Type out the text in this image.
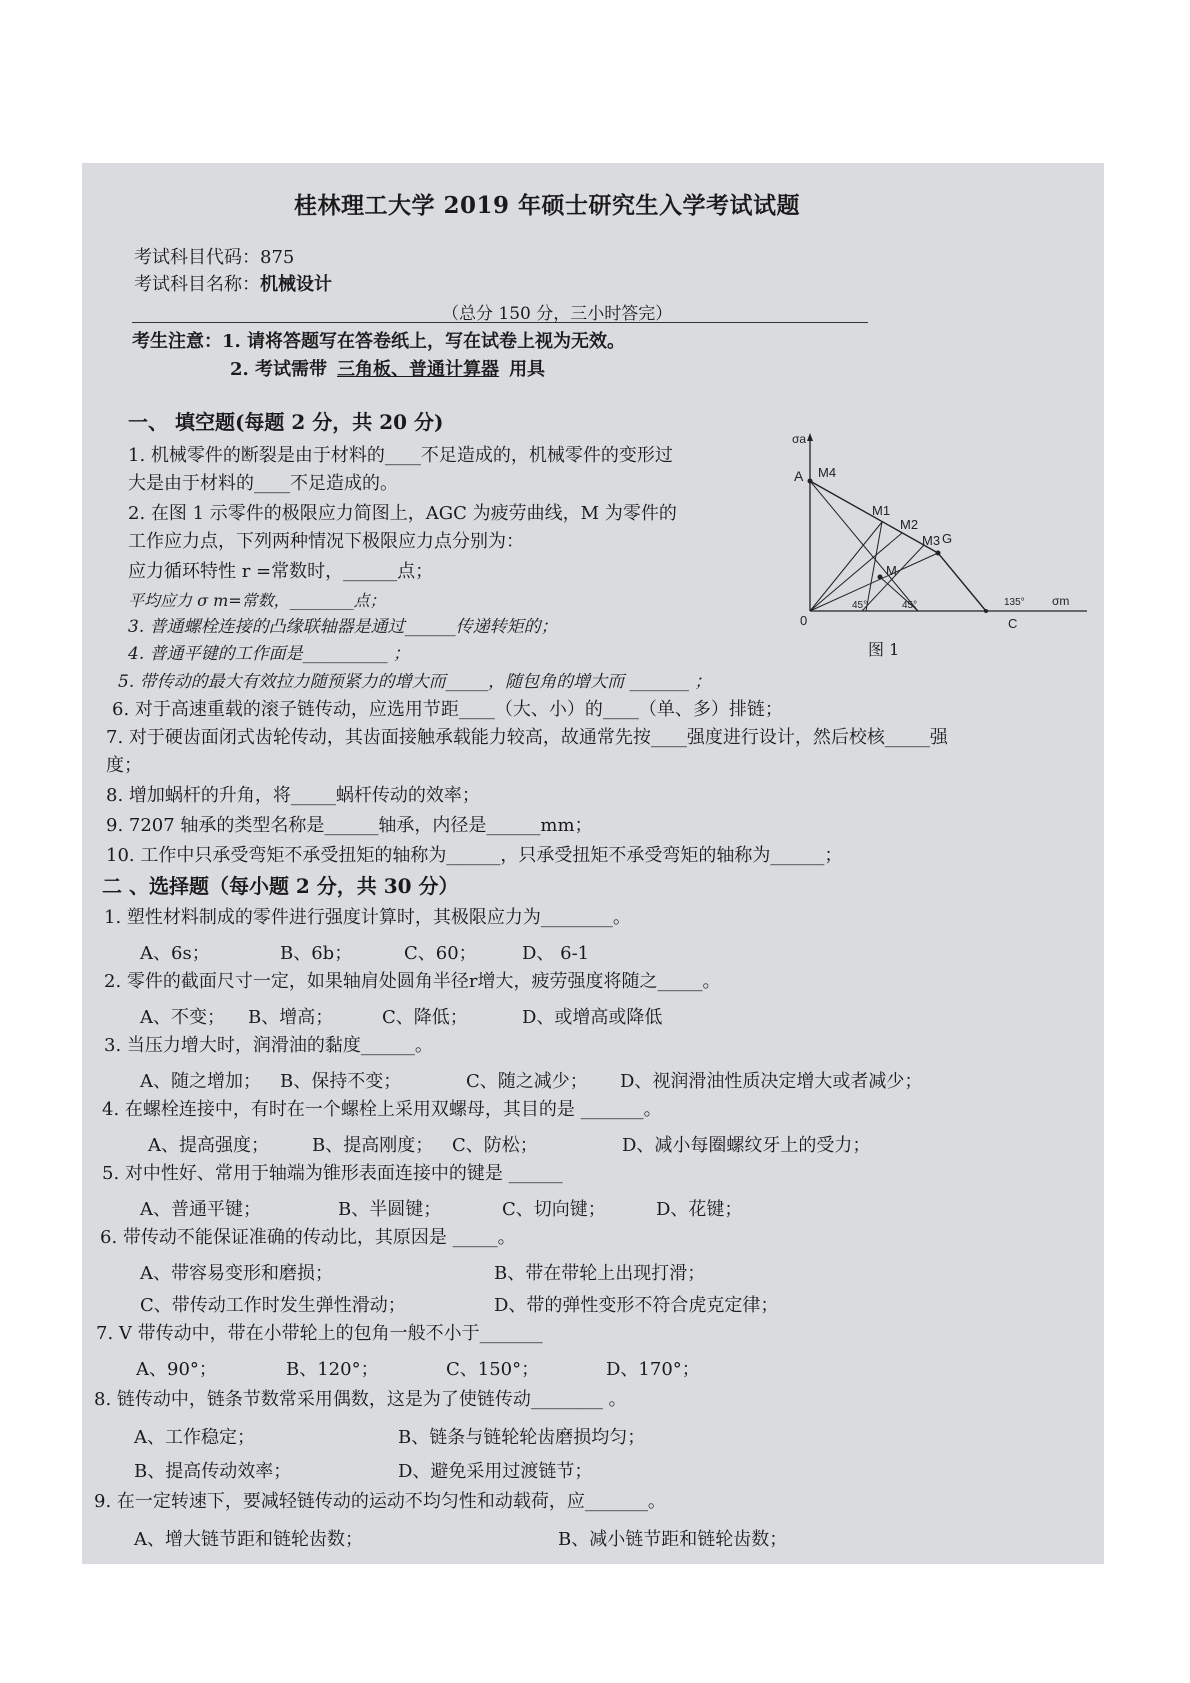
桂林理工大学 2019 年硕士研究生入学考试试题
考试科目代码：875
考试科目名称：机械设计
（总分 150 分，三小时答完）
考生注意：1. 请将答题写在答卷纸上，写在试卷上视为无效。
2. 考试需带 三角板、普通计算器 用具
一、 填空题(每题 2 分，共 20 分)
1. 机械零件的断裂是由于材料的____不足造成的，机械零件的变形过
大是由于材料的____不足造成的。
2. 在图 1 示零件的极限应力简图上，AGC 为疲劳曲线，M 为零件的
工作应力点，下列两种情况下极限应力点分别为：
应力循环特性 r =常数时，______点；
平均应力 σ m=常数，________点；
3. 普通螺栓连接的凸缘联轴器是通过______传递转矩的；
4. 普通平键的工作面是__________ ；
5. 带传动的最大有效拉力随预紧力的增大而_____，随包角的增大而 _______ ；
6. 对于高速重载的滚子链传动，应选用节距____（大、小）的____（单、多）排链；
7. 对于硬齿面闭式齿轮传动，其齿面接触承载能力较高，故通常先按____强度进行设计，然后校核_____强
度；
8. 增加蜗杆的升角，将_____蜗杆传动的效率；
9. 7207 轴承的类型名称是______轴承，内径是______mm；
10. 工作中只承受弯矩不承受扭矩的轴称为______，只承受扭矩不承受弯矩的轴称为______；
二 、选择题（每小题 2 分，共 30 分）
1. 塑性材料制成的零件进行强度计算时，其极限应力为________。
A、6s；	B、6b；	C、60；	D、 6-1
2. 零件的截面尺寸一定，如果轴肩处圆角半径r增大，疲劳强度将随之_____。
A、不变； B、增高；	C、降低；	D、或增高或降低
3. 当压力增大时，润滑油的黏度______。
A、随之增加； B、保持不变；	C、随之减少； D、视润滑油性质决定增大或者减少；
4. 在螺栓连接中，有时在一个螺栓上采用双螺母，其目的是 _______。
A、提高强度； B、提高刚度； C、防松；	D、减小每圈螺纹牙上的受力；
5. 对中性好、常用于轴端为锥形表面连接中的键是 ______
A、普通平键；	B、半圆键；	C、切向键；	D、花键；
6. 带传动不能保证准确的传动比，其原因是 _____。
A、带容易变形和磨损；	B、带在带轮上出现打滑；
C、带传动工作时发生弹性滑动；	D、带的弹性变形不符合虎克定律；
7. V 带传动中，带在小带轮上的包角一般不小于_______
A、90°；	B、120°；	C、150°；	D、170°；
8. 链传动中，链条节数常采用偶数，这是为了使链传动________ 。
A、工作稳定；	B、链条与链轮轮齿磨损均匀；
B、提高传动效率；	D、避免采用过渡链节；
9. 在一定转速下，要减轻链传动的运动不均匀性和动载荷，应_______。
A、增大链节距和链轮齿数；	B、减小链节距和链轮齿数；
σa
σm
A M4
M1
M2
M3 G
M
0	C
45°	45°	135°
图 1
